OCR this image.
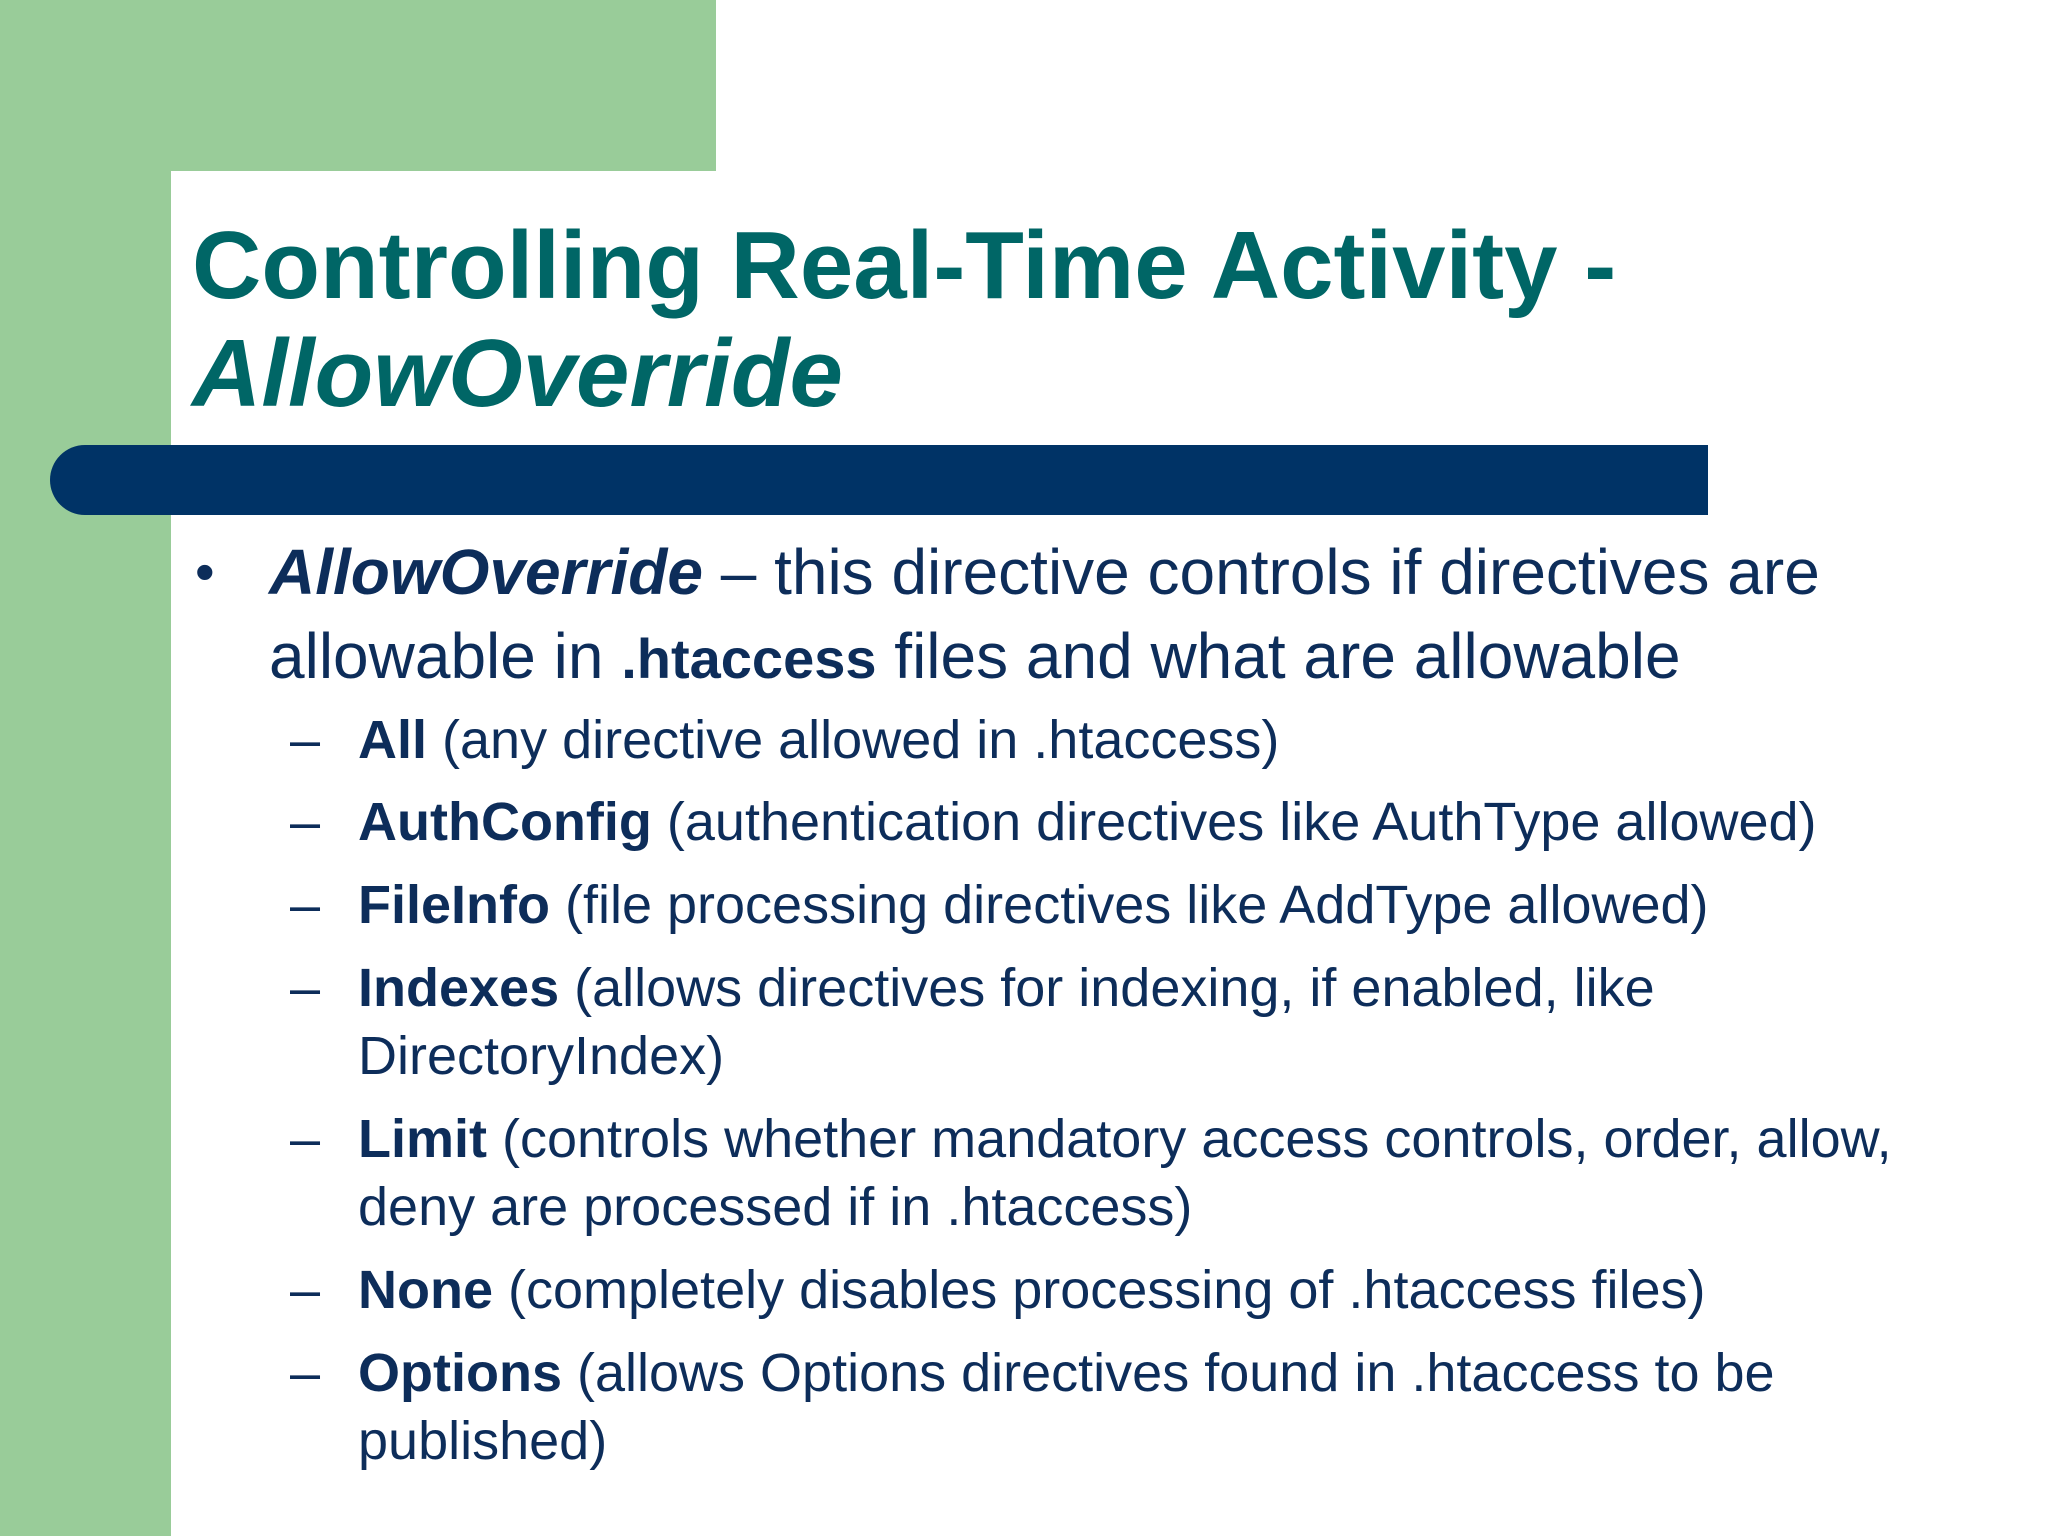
Controlling Real-Time Activity -
AllowOverride
• AllowOverride – this directive controls if directives are allowable in .htaccess files and what are allowable
– All (any directive allowed in .htaccess)
– AuthConfig (authentication directives like AuthType allowed)
– FileInfo (file processing directives like AddType allowed)
– Indexes (allows directives for indexing, if enabled, like DirectoryIndex)
– Limit (controls whether mandatory access controls, order, allow, deny are processed if in .htaccess)
– None (completely disables processing of .htaccess files)
– Options (allows Options directives found in .htaccess to be published)
